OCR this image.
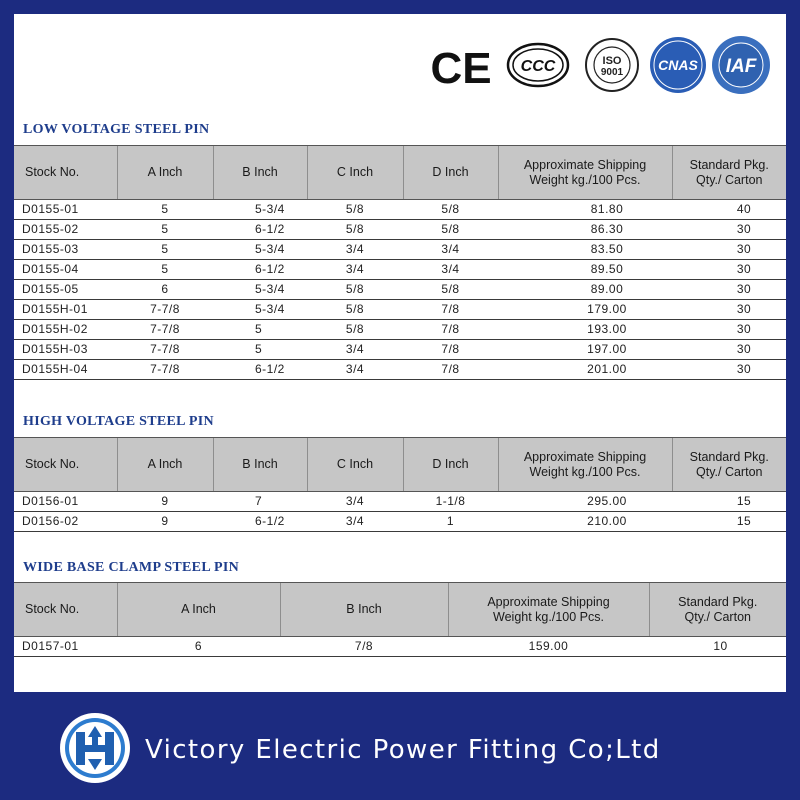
CE CCC	ISO
9001	CNAS IAF
LOW VOLTAGE STEEL PIN
Stock No.	A Inch	B Inch	C Inch	D Inch	Approximate Shipping
Weight kg./100 Pcs.	Standard Pkg.
Qty./ Carton
D0155-01	5	5-3/4	5/8	5/8	81.80	40
D0155-02	5	6-1/2	5/8	5/8	86.30	30
D0155-03	5	5-3/4	3/4	3/4	83.50	30
D0155-04	5	6-1/2	3/4	3/4	89.50	30
D0155-05	6	5-3/4	5/8	5/8	89.00	30
D0155H-01	7-7/8	5-3/4	5/8	7/8	179.00	30
D0155H-02	7-7/8	5	5/8	7/8	193.00	30
D0155H-03	7-7/8	5	3/4	7/8	197.00	30
D0155H-04	7-7/8	6-1/2	3/4	7/8	201.00	30
HIGH VOLTAGE STEEL PIN
Stock No.	A Inch	B Inch	C Inch	D Inch	Approximate Shipping
Weight kg./100 Pcs.	Standard Pkg.
Qty./ Carton
D0156-01	9	7	3/4	1-1/8	295.00	15
D0156-02	9	6-1/2	3/4	1	210.00	15
WIDE BASE CLAMP STEEL PIN
Stock No.	A Inch	B Inch	Approximate Shipping
Weight kg./100 Pcs.	Standard Pkg.
Qty./ Carton
D0157-01	6	7/8	159.00	10
Victory Electric Power Fitting Co;Ltd
